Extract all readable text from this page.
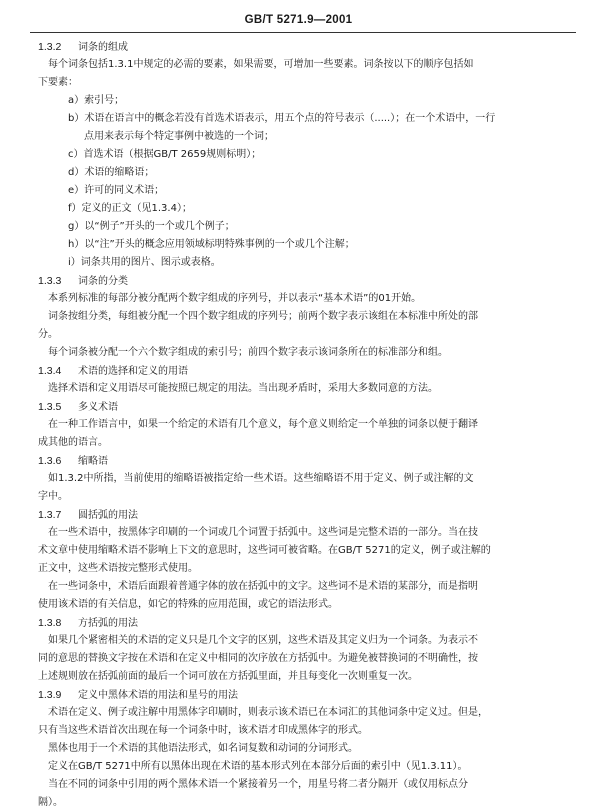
GB/T 5271.9—2001
1.3.2 词条的组成
每个词条包括1.3.1中规定的必需的要素，如果需要，可增加一些要素。词条按以下的顺序包括如
下要素：
a）索引号；
b）术语在语言中的概念若没有首选术语表示，用五个点的符号表示（.....）；在一个术语中，一行
点用来表示每个特定事例中被选的一个词；
c）首选术语（根据GB/T 2659规则标明）；
d）术语的缩略语；
e）许可的同义术语；
f）定义的正文（见1.3.4）；
g）以“例子”开头的一个或几个例子；
h）以“注”开头的概念应用领域标明特殊事例的一个或几个注解；
i）词条共用的图片、图示或表格。
1.3.3 词条的分类
本系列标准的每部分被分配两个数字组成的序列号，并以表示“基本术语”的01开始。
词条按组分类，每组被分配一个四个数字组成的序列号；前两个数字表示该组在本标准中所处的部
分。
每个词条被分配一个六个数字组成的索引号；前四个数字表示该词条所在的标准部分和组。
1.3.4 术语的选择和定义的用语
选择术语和定义用语尽可能按照已规定的用法。当出现矛盾时，采用大多数同意的方法。
1.3.5 多义术语
在一种工作语言中，如果一个给定的术语有几个意义，每个意义则给定一个单独的词条以便于翻译
成其他的语言。
1.3.6 缩略语
如1.3.2中所指，当前使用的缩略语被指定给一些术语。这些缩略语不用于定义、例子或注解的文
字中。
1.3.7 圆括弧的用法
在一些术语中，按黑体字印刷的一个词或几个词置于括弧中。这些词是完整术语的一部分。当在技
术文章中使用缩略术语不影响上下文的意思时，这些词可被省略。在GB/T 5271的定义，例子或注解的
正文中，这些术语按完整形式使用。
在一些词条中，术语后面跟着普通字体的放在括弧中的文字。这些词不是术语的某部分，而是指明
使用该术语的有关信息，如它的特殊的应用范围，或它的语法形式。
1.3.8 方括弧的用法
如果几个紧密相关的术语的定义只是几个文字的区别，这些术语及其定义归为一个词条。为表示不
同的意思的替换文字按在术语和在定义中相同的次序放在方括弧中。为避免被替换词的不明确性，按
上述规则放在括弧前面的最后一个词可放在方括弧里面，并且每变化一次则重复一次。
1.3.9 定义中黑体术语的用法和星号的用法
术语在定义、例子或注解中用黑体字印刷时，则表示该术语已在本词汇的其他词条中定义过。但是，
只有当这些术语首次出现在每一个词条中时，该术语才印成黑体字的形式。
黑体也用于一个术语的其他语法形式，如名词复数和动词的分词形式。
定义在GB/T 5271中所有以黑体出现在术语的基本形式列在本部分后面的索引中（见1.3.11）。
当在不同的词条中引用的两个黑体术语一个紧接着另一个，用星号将二者分隔开（或仅用标点分
隔）。
